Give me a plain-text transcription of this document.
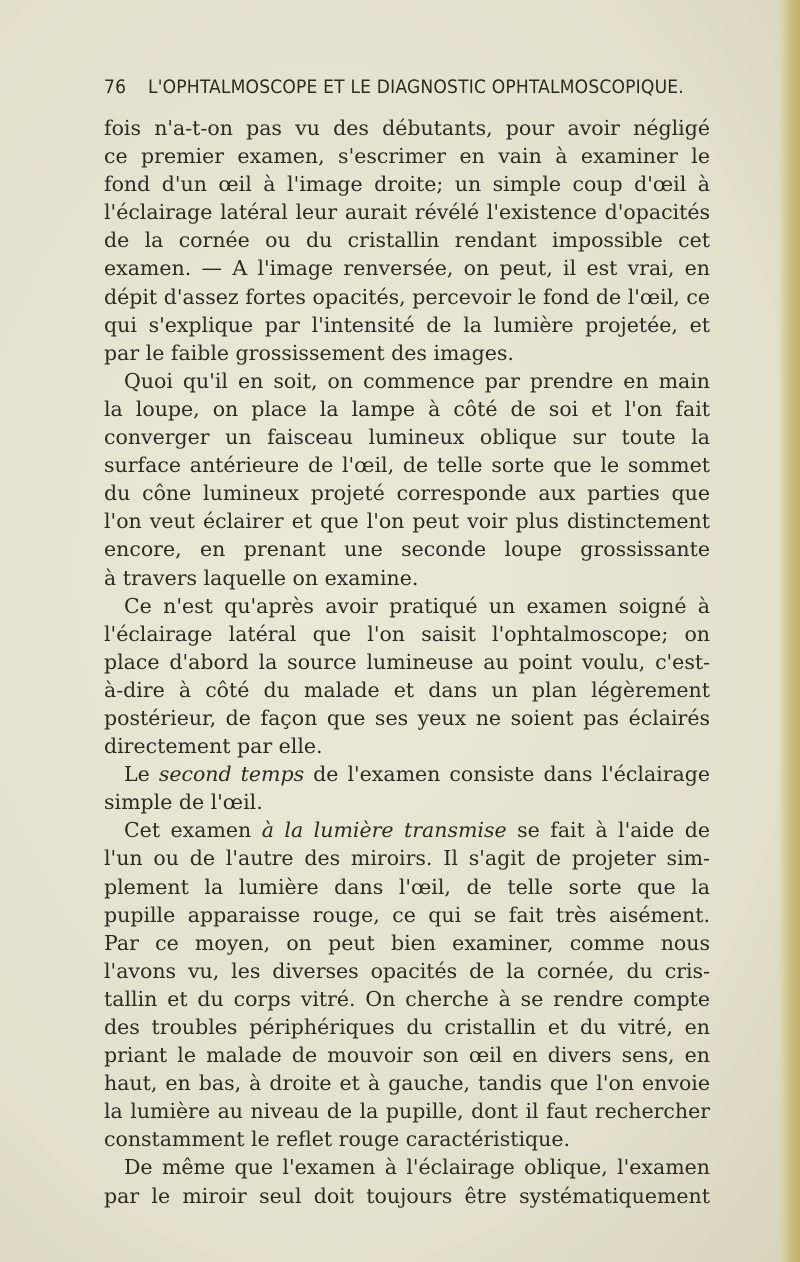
76 L'OPHTALMOSCOPE ET LE DIAGNOSTIC OPHTALMOSCOPIQUE.
fois n'a-t-on pas vu des débutants, pour avoir négligé
ce premier examen, s'escrimer en vain à examiner le
fond d'un œil à l'image droite; un simple coup d'œil à
l'éclairage latéral leur aurait révélé l'existence d'opacités
de la cornée ou du cristallin rendant impossible cet
examen. — A l'image renversée, on peut, il est vrai, en
dépit d'assez fortes opacités, percevoir le fond de l'œil, ce
qui s'explique par l'intensité de la lumière projetée, et
par le faible grossissement des images.
Quoi qu'il en soit, on commence par prendre en main
la loupe, on place la lampe à côté de soi et l'on fait
converger un faisceau lumineux oblique sur toute la
surface antérieure de l'œil, de telle sorte que le sommet
du cône lumineux projeté corresponde aux parties que
l'on veut éclairer et que l'on peut voir plus distinctement
encore, en prenant une seconde loupe grossissante
à travers laquelle on examine.
Ce n'est qu'après avoir pratiqué un examen soigné à
l'éclairage latéral que l'on saisit l'ophtalmoscope; on
place d'abord la source lumineuse au point voulu, c'est-
à-dire à côté du malade et dans un plan légèrement
postérieur, de façon que ses yeux ne soient pas éclairés
directement par elle.
Le second temps de l'examen consiste dans l'éclairage
simple de l'œil.
Cet examen à la lumière transmise se fait à l'aide de
l'un ou de l'autre des miroirs. Il s'agit de projeter sim-
plement la lumière dans l'œil, de telle sorte que la
pupille apparaisse rouge, ce qui se fait très aisément.
Par ce moyen, on peut bien examiner, comme nous
l'avons vu, les diverses opacités de la cornée, du cris-
tallin et du corps vitré. On cherche à se rendre compte
des troubles périphériques du cristallin et du vitré, en
priant le malade de mouvoir son œil en divers sens, en
haut, en bas, à droite et à gauche, tandis que l'on envoie
la lumière au niveau de la pupille, dont il faut rechercher
constamment le reflet rouge caractéristique.
De même que l'examen à l'éclairage oblique, l'examen
par le miroir seul doit toujours être systématiquement
